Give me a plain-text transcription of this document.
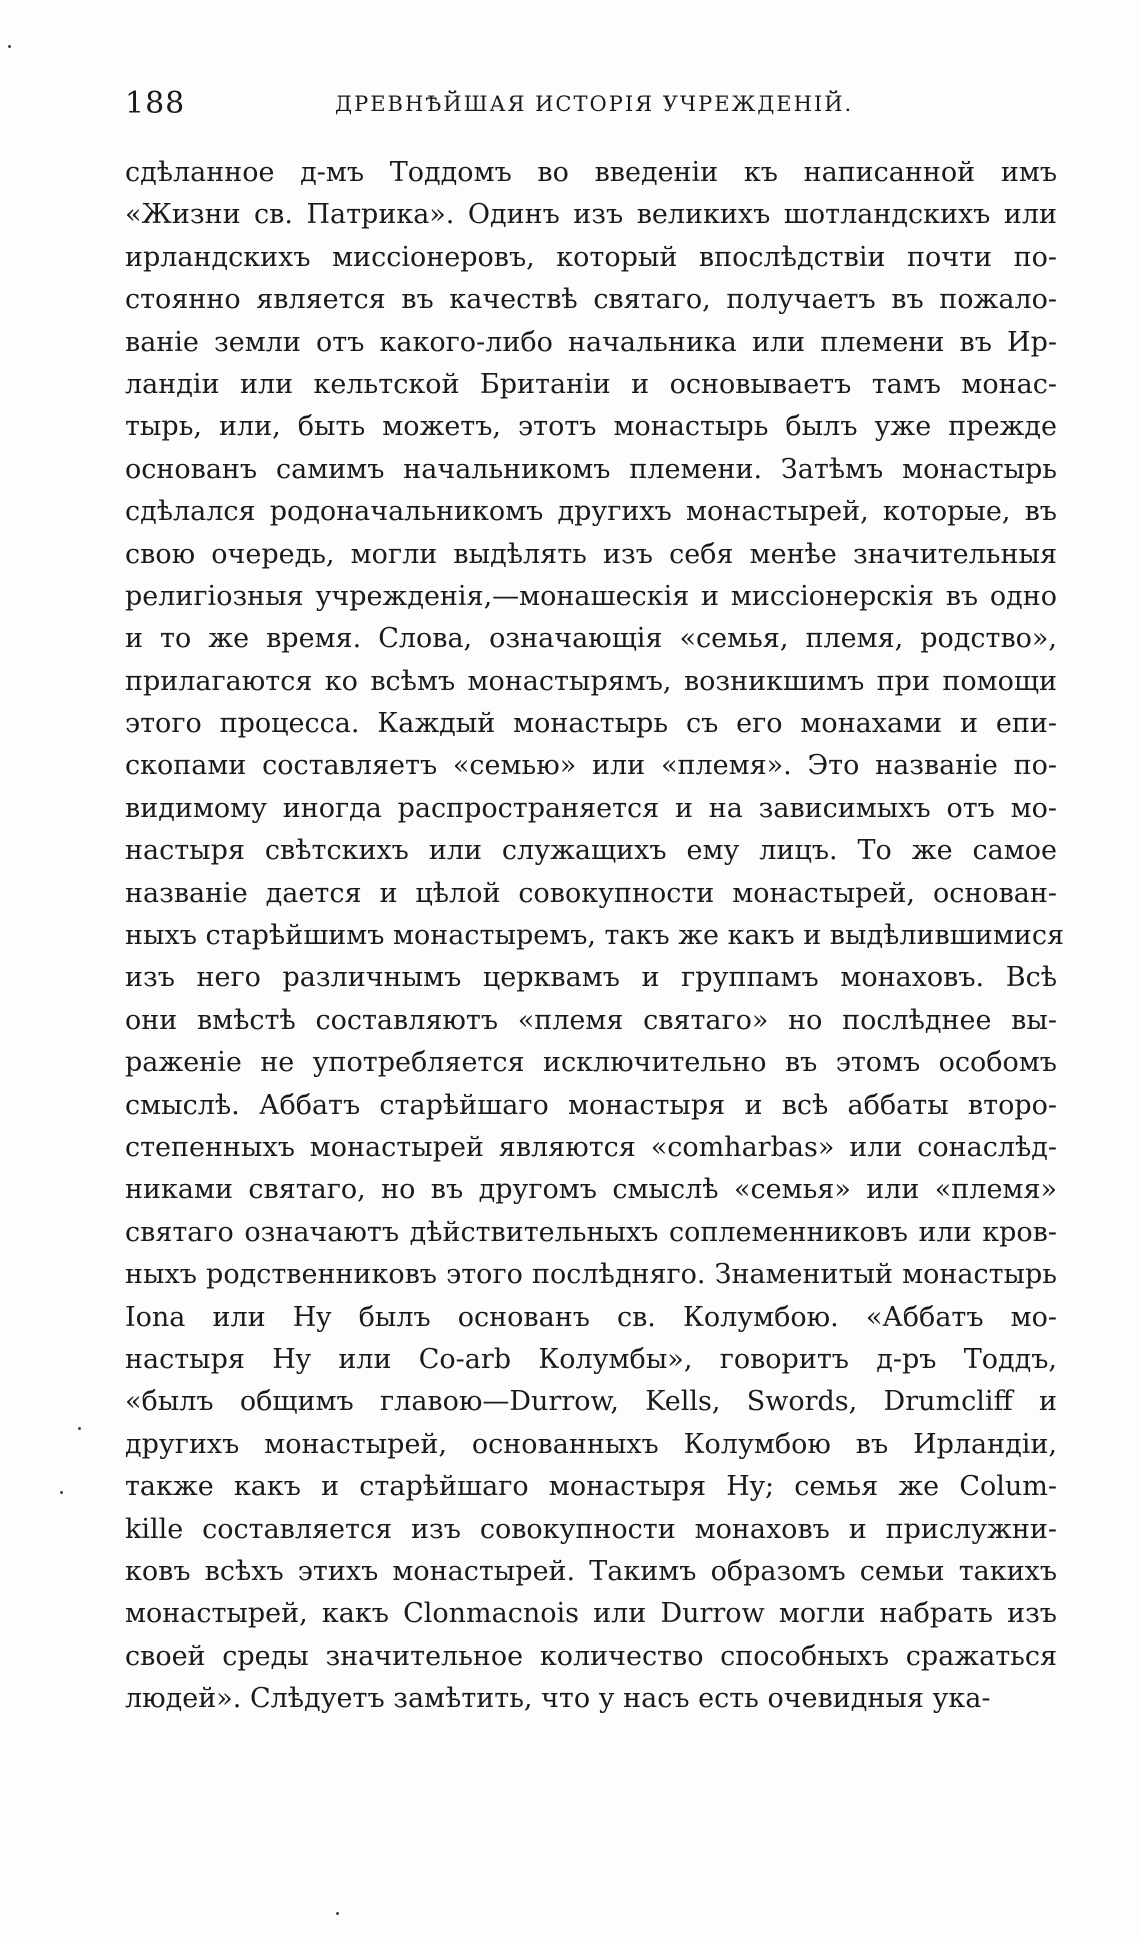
188	ДРЕВНѢЙШАЯ ИСТОРІЯ УЧРЕЖДЕНІЙ.
сдѣланное д-мъ Тоддомъ во введеніи къ написанной имъ
«Жизни св. Патрика». Одинъ изъ великихъ шотландскихъ или
ирландскихъ миссіонеровъ, который впослѣдствіи почти по-
стоянно является въ качествѣ святаго, получаетъ въ пожало-
ваніе земли отъ какого-либо начальника или племени въ Ир-
ландіи или кельтской Британіи и основываетъ тамъ монас-
тырь, или, быть можетъ, этотъ монастырь былъ уже прежде
основанъ самимъ начальникомъ племени. Затѣмъ монастырь
сдѣлался родоначальникомъ другихъ монастырей, которые, въ
свою очередь, могли выдѣлять изъ себя менѣе значительныя
религіозныя учрежденія,—монашескія и миссіонерскія въ одно
и то же время. Слова, означающія «семья, племя, родство»,
прилагаются ко всѣмъ монастырямъ, возникшимъ при помощи
этого процесса. Каждый монастырь съ его монахами и епи-
скопами составляетъ «семью» или «племя». Это названіе по-
видимому иногда распространяется и на зависимыхъ отъ мо-
настыря свѣтскихъ или служащихъ ему лицъ. То же самое
названіе дается и цѣлой совокупности монастырей, основан-
ныхъ старѣйшимъ монастыремъ, такъ же какъ и выдѣлившимися
изъ него различнымъ церквамъ и группамъ монаховъ. Всѣ
они вмѣстѣ составляютъ «племя святаго» но послѣднее вы-
раженіе не употребляется исключительно въ этомъ особомъ
смыслѣ. Аббатъ старѣйшаго монастыря и всѣ аббаты второ-
степенныхъ монастырей являются «comharbas» или сонаслѣд-
никами святаго, но въ другомъ смыслѣ «семья» или «племя»
святаго означаютъ дѣйствительныхъ соплеменниковъ или кров-
ныхъ родственниковъ этого послѣдняго. Знаменитый монастырь
Iona или Hy былъ основанъ св. Колумбою. «Аббатъ мо-
настыря Hy или Co-arb Колумбы», говоритъ д-ръ Тоддъ,
«былъ общимъ главою—Durrow, Kells, Swords, Drumcliff и
другихъ монастырей, основанныхъ Колумбою въ Ирландіи,
также какъ и старѣйшаго монастыря Hy; семья же Colum-
kille составляется изъ совокупности монаховъ и прислужни-
ковъ всѣхъ этихъ монастырей. Такимъ образомъ семьи такихъ
монастырей, какъ Clonmacnois или Durrow могли набрать изъ
своей среды значительное количество способныхъ сражаться
людей». Слѣдуетъ замѣтить, что у насъ есть очевидныя ука-
